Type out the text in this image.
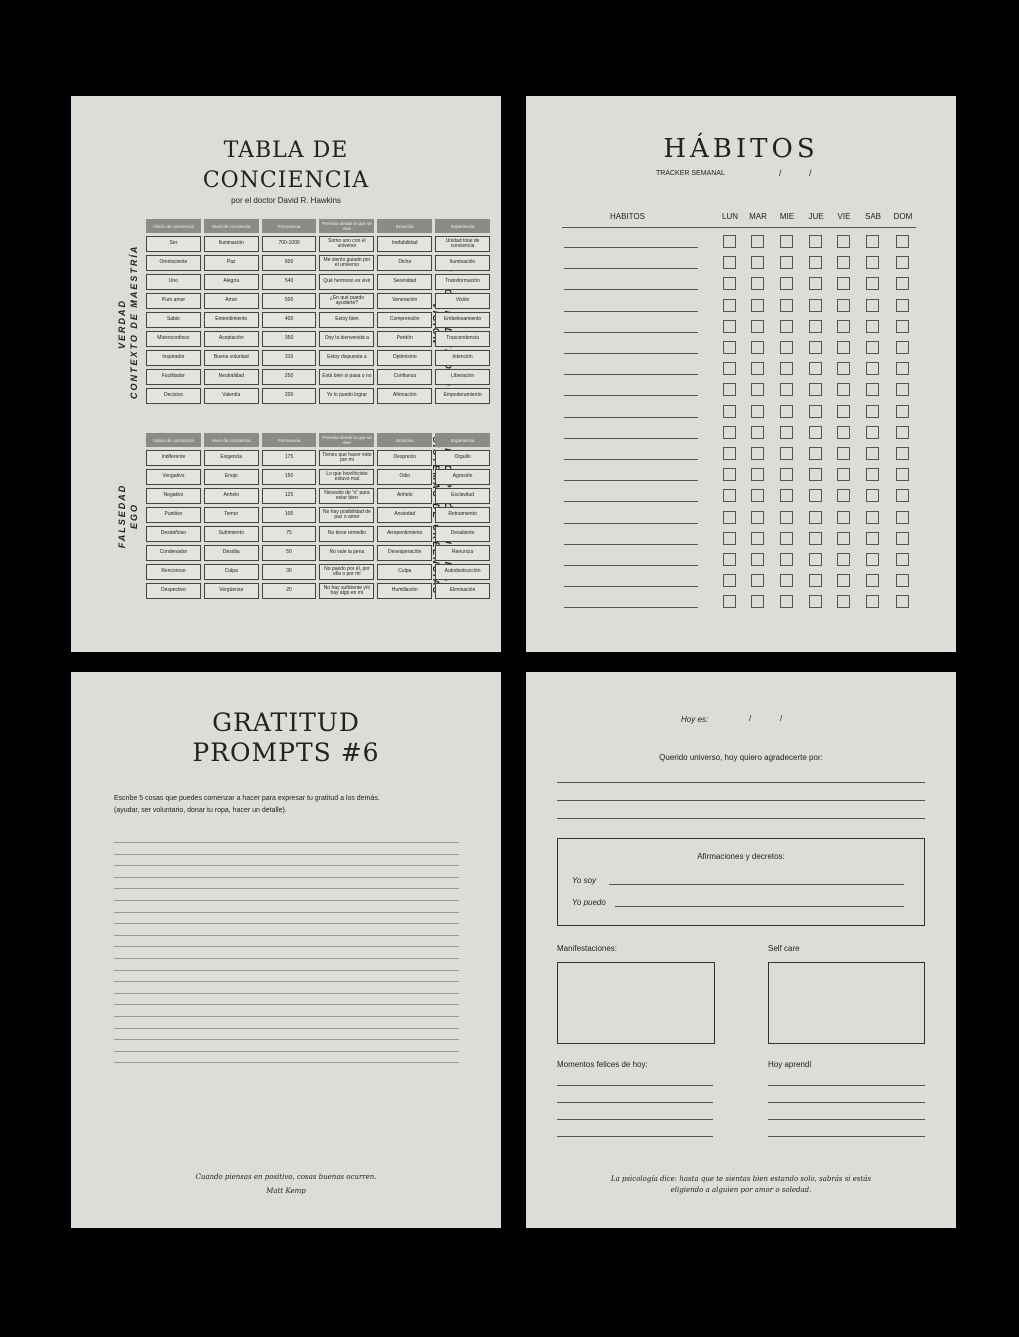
TABLA DE
CONCIENCIA
por el doctor David R. Hawkins
VERDAD CONTEXTO DE MAESTRÍA
FALSEDAD EGO
SISTEMAS
Visión de conciencia	Nivel de conciencia	Frecuencia	Premisa desde la que se vive	Emoción	Experiencia
Ser	Iluminación	700-1000	Somo uno con el universo	Inefabilidad	Unidad total de conciencia
Omnisciente	Paz	600	Me siento guiado por el universo	Dicha	Iluminación
Uno	Alegría	540	Qué hermoso es vivir	Serenidad	Transformación
Puro amor	Amor	500	¿En qué puedo ayudarte?	Veneración	Visión
Sabio	Entendimiento	400	Estoy bien	Comprensión	Embelesamiento
Misericordioso	Aceptación	350	Doy la bienvenida a	Perdón	Trascendencia
Inspirador	Buena voluntad	310	Estoy dispuesta a	Optimismo	Intención
Facilitador	Neutralidad	250	Está bien si pasa o no	Confianza	Liberación
Decisivo	Valentía	200	Yo lo puedo lograr	Afirmación	Empoderamiento
Visión de conciencia	Nivel de conciencia	Frecuencia	Premisa desde la que se vive	Emoción	Experiencia
Indiferente	Exigencia	175	Tienes que hacer esto por mi	Desprecio	Orgullo
Vengativo	Enojo	150	Lo que hice/hiciste estuvo mal	Odio	Agresión
Negativo	Anhelo	125	Necesito de "x" para estar bien	Anhelo	Esclavitud
Punitivo	Temor	100	No hay posibilidad de paz o amor	Ansiedad	Retraimiento
Desdeñoso	Sufrimiento	75	No tiene remedio	Arrepentimiento	Desaliento
Condenador	Desidia	50	No vale la pena	Desesperación	Renuncia
Rencoroso	Culpa	30	No puedo por él, por ella o por mí	Culpa	Autodestrucción
Despectivo	Vergüenza	20	No hay suficiente y/o hay algo en mí	Humillación	Eliminación
HÁBITOS
TRACKER SEMANAL	/	/
HABITOS	LUN	MAR	MIE	JUE	VIE	SAB	DOM
GRATITUD
PROMPTS #6
Escribe 5 cosas que puedes comenzar a hacer para expresar tu gratitud a los demás.
(ayudar, ser voluntario, donar tu ropa, hacer un detalle).
Cuando piensas en positivo, cosas buenas ocurren.
Matt Kemp
Hoy es:	/	/
Querido universo, hoy quiero agradecerte por:
Afirmaciones y decretos:
Yo soy
Yo puedo
Manifestaciones:	Self care
Momentos felices de hoy:	Hoy aprendí
La psicología dice: hasta que te sientas bien estando solo, sabrás si estás
eligiendo a alguien por amor o soledad.
